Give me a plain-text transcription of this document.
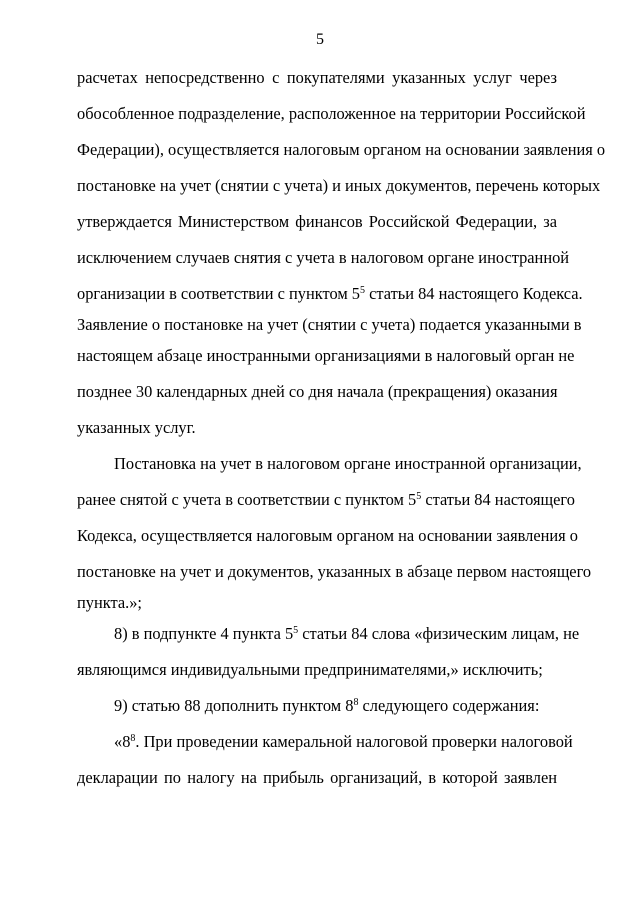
5
расчетах непосредственно с покупателями указанных услуг через
обособленное подразделение, расположенное на территории Российской
Федерации), осуществляется налоговым органом на основании заявления о
постановке на учет (снятии с учета) и иных документов, перечень которых
утверждается Министерством финансов Российской Федерации, за
исключением случаев снятия с учета в налоговом органе иностранной
организации в соответствии с пунктом $5^5$ статьи 84 настоящего Кодекса.
Заявление о постановке на учет (снятии с учета) подается указанными в
настоящем абзаце иностранными организациями в налоговый орган не
позднее 30 календарных дней со дня начала (прекращения) оказания
указанных услуг.
Постановка на учет в налоговом органе иностранной организации,
ранее снятой с учета в соответствии с пунктом $5^5$ статьи 84 настоящего
Кодекса, осуществляется налоговым органом на основании заявления о
постановке на учет и документов, указанных в абзаце первом настоящего
пункта.»;
8) в подпункте 4 пункта $5^5$ статьи 84 слова «физическим лицам, не
являющимся индивидуальными предпринимателями,» исключить;
9) статью 88 дополнить пунктом $8^8$ следующего содержания:
«$8^8$. При проведении камеральной налоговой проверки налоговой
декларации по налогу на прибыль организаций, в которой заявлен
